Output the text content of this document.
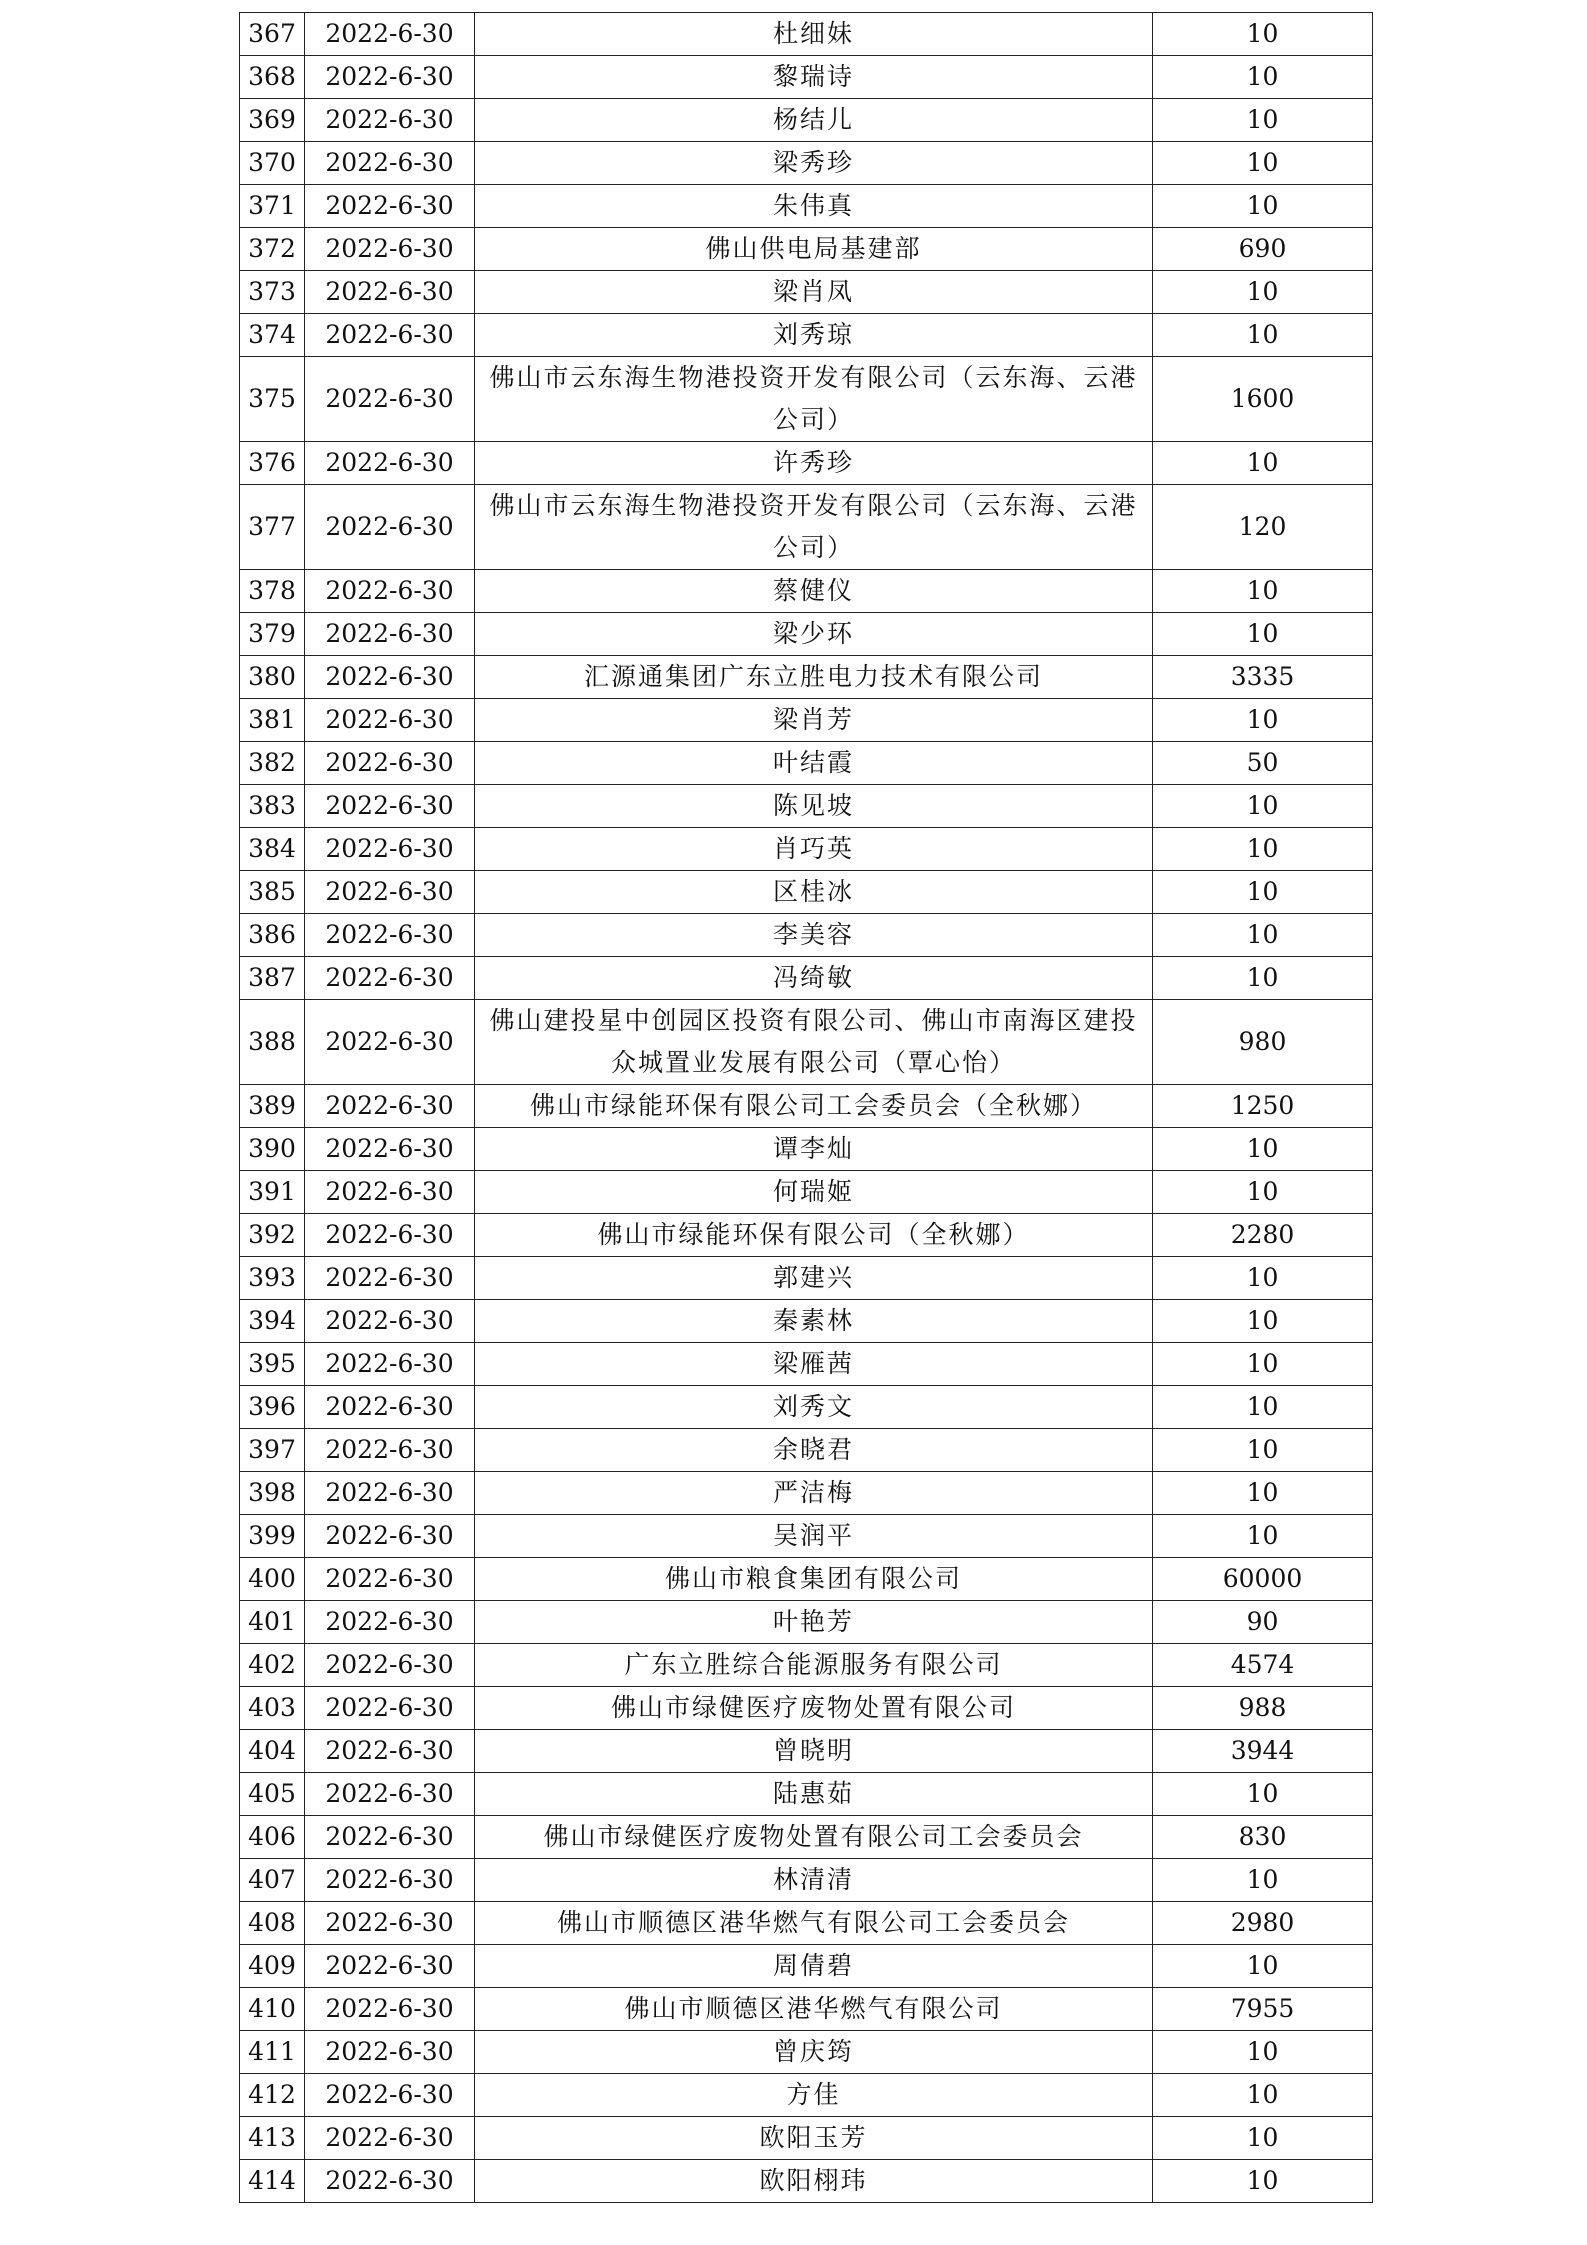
367	2022-6-30	杜细妹	10
368	2022-6-30	黎瑞诗	10
369	2022-6-30	杨结儿	10
370	2022-6-30	梁秀珍	10
371	2022-6-30	朱伟真	10
372	2022-6-30	佛山供电局基建部	690
373	2022-6-30	梁肖凤	10
374	2022-6-30	刘秀琼	10
375	2022-6-30	佛山市云东海生物港投资开发有限公司（云东海、云港公司）	1600
376	2022-6-30	许秀珍	10
377	2022-6-30	佛山市云东海生物港投资开发有限公司（云东海、云港公司）	120
378	2022-6-30	蔡健仪	10
379	2022-6-30	梁少环	10
380	2022-6-30	汇源通集团广东立胜电力技术有限公司	3335
381	2022-6-30	梁肖芳	10
382	2022-6-30	叶结霞	50
383	2022-6-30	陈见坡	10
384	2022-6-30	肖巧英	10
385	2022-6-30	区桂冰	10
386	2022-6-30	李美容	10
387	2022-6-30	冯绮敏	10
388	2022-6-30	佛山建投星中创园区投资有限公司、佛山市南海区建投众城置业发展有限公司（覃心怡）	980
389	2022-6-30	佛山市绿能环保有限公司工会委员会（全秋娜）	1250
390	2022-6-30	谭李灿	10
391	2022-6-30	何瑞姬	10
392	2022-6-30	佛山市绿能环保有限公司（全秋娜）	2280
393	2022-6-30	郭建兴	10
394	2022-6-30	秦素林	10
395	2022-6-30	梁雁茜	10
396	2022-6-30	刘秀文	10
397	2022-6-30	余晓君	10
398	2022-6-30	严洁梅	10
399	2022-6-30	吴润平	10
400	2022-6-30	佛山市粮食集团有限公司	60000
401	2022-6-30	叶艳芳	90
402	2022-6-30	广东立胜综合能源服务有限公司	4574
403	2022-6-30	佛山市绿健医疗废物处置有限公司	988
404	2022-6-30	曾晓明	3944
405	2022-6-30	陆惠茹	10
406	2022-6-30	佛山市绿健医疗废物处置有限公司工会委员会	830
407	2022-6-30	林清清	10
408	2022-6-30	佛山市顺德区港华燃气有限公司工会委员会	2980
409	2022-6-30	周倩碧	10
410	2022-6-30	佛山市顺德区港华燃气有限公司	7955
411	2022-6-30	曾庆筠	10
412	2022-6-30	方佳	10
413	2022-6-30	欧阳玉芳	10
414	2022-6-30	欧阳栩玮	10
